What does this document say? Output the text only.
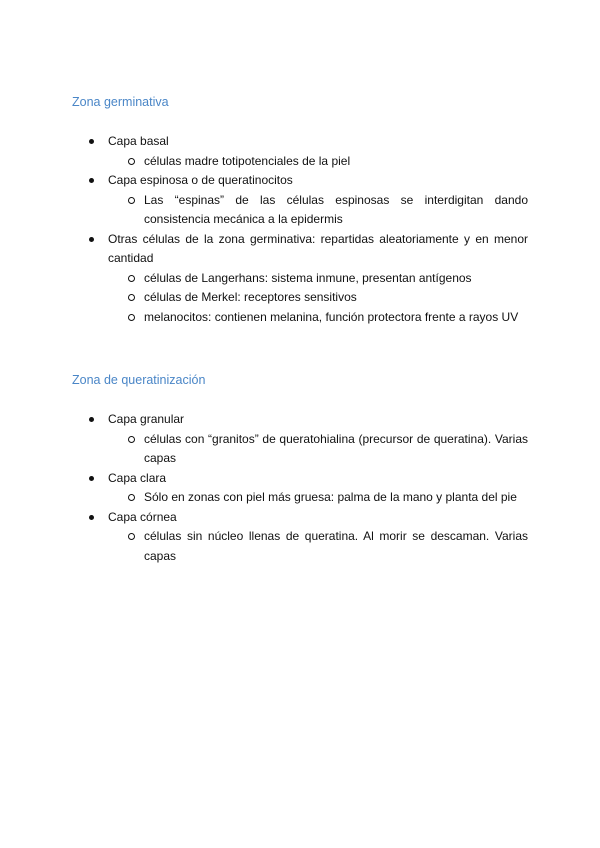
Zona germinativa
Capa basal
células madre totipotenciales de la piel
Capa espinosa o de queratinocitos
Las “espinas” de las células espinosas se interdigitan dando consistencia mecánica a la epidermis
Otras células de la zona germinativa: repartidas aleatoriamente y en menor cantidad
células de Langerhans: sistema inmune, presentan antígenos
células de Merkel: receptores sensitivos
melanocitos: contienen melanina, función protectora frente a rayos UV
Zona de queratinización
Capa granular
células con “granitos” de queratohialina (precursor de queratina). Varias capas
Capa clara
Sólo en zonas con piel más gruesa: palma de la mano y planta del pie
Capa córnea
células sin núcleo llenas de queratina. Al morir se descaman. Varias capas
